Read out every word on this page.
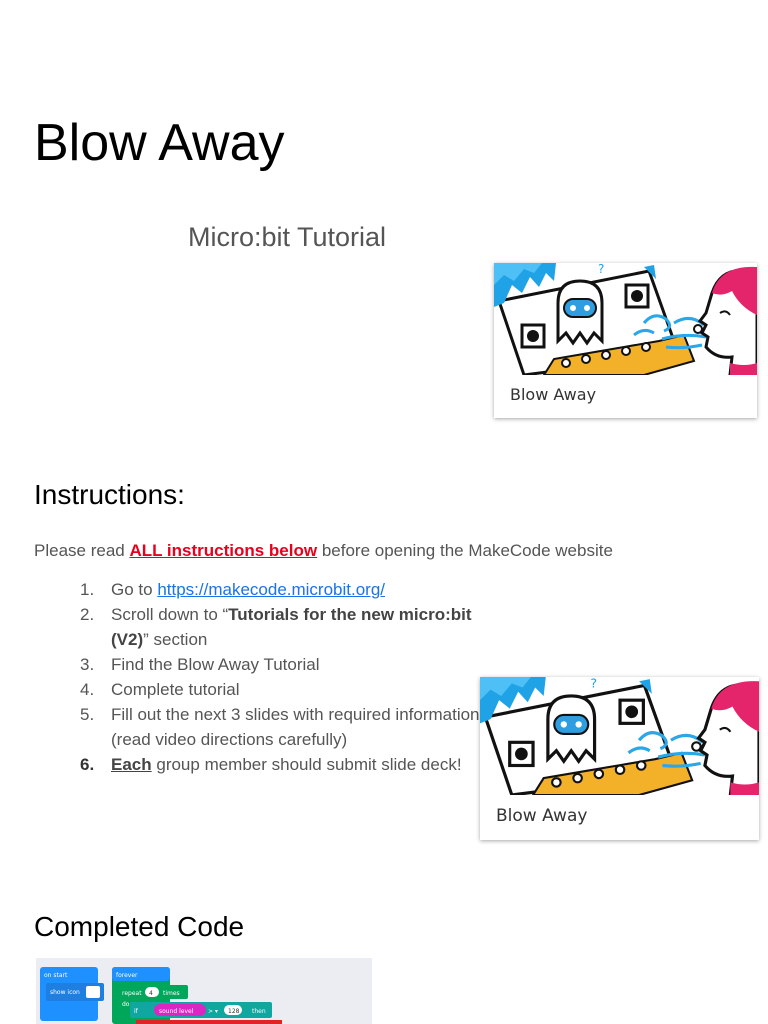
Blow Away
Micro:bit Tutorial
?
Blow Away
Instructions:
Please read ALL instructions below before opening the MakeCode website
1. Go to https://makecode.microbit.org/
2. Scroll down to “Tutorials for the new micro:bit (V2)” section
3. Find the Blow Away Tutorial
4. Complete tutorial
5. Fill out the next 3 slides with required information (read video directions carefully)
6. Each group member should submit slide deck!
?
Blow Away
Completed Code
on start
show icon
forever
repeat 4 times
do
if	sound level > ▾ 128 then
